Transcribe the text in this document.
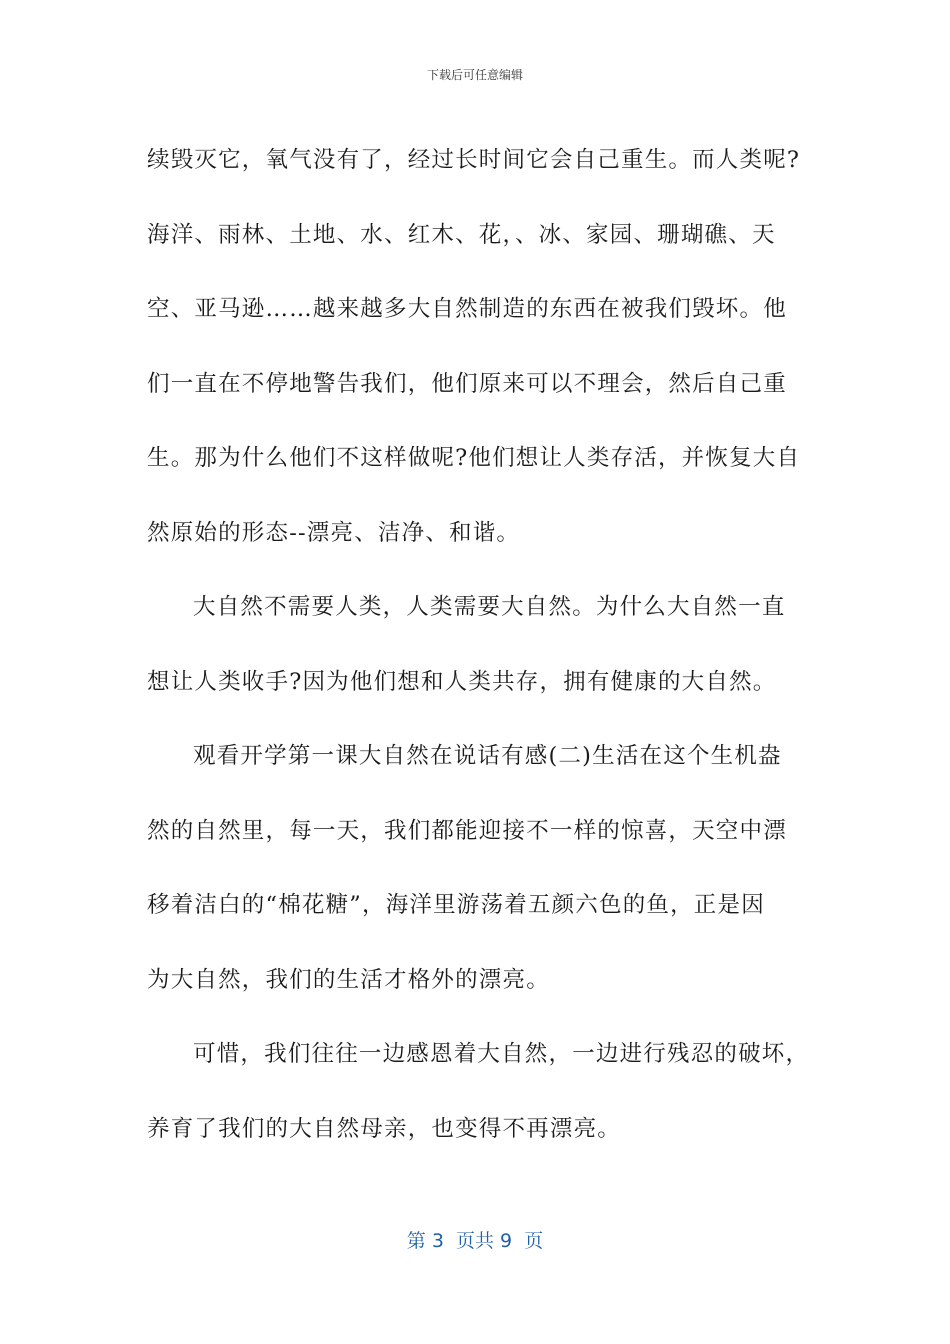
下载后可任意编辑
续毁灭它，氧气没有了，经过长时间它会自己重生。而人类呢?
海洋、雨林、土地、水、红木、花，、冰、家园、珊瑚礁、天
空、亚马逊……越来越多大自然制造的东西在被我们毁坏。他
们一直在不停地警告我们，他们原来可以不理会，然后自己重
生。那为什么他们不这样做呢?他们想让人类存活，并恢复大自
然原始的形态--漂亮、洁净、和谐。
大自然不需要人类，人类需要大自然。为什么大自然一直
想让人类收手?因为他们想和人类共存，拥有健康的大自然。
观看开学第一课大自然在说话有感(二)生活在这个生机盎
然的自然里，每一天，我们都能迎接不一样的惊喜，天空中漂
移着洁白的“棉花糖”，海洋里游荡着五颜六色的鱼，正是因
为大自然，我们的生活才格外的漂亮。
可惜，我们往往一边感恩着大自然，一边进行残忍的破坏，
养育了我们的大自然母亲，也变得不再漂亮。
第 3  页共 9  页
